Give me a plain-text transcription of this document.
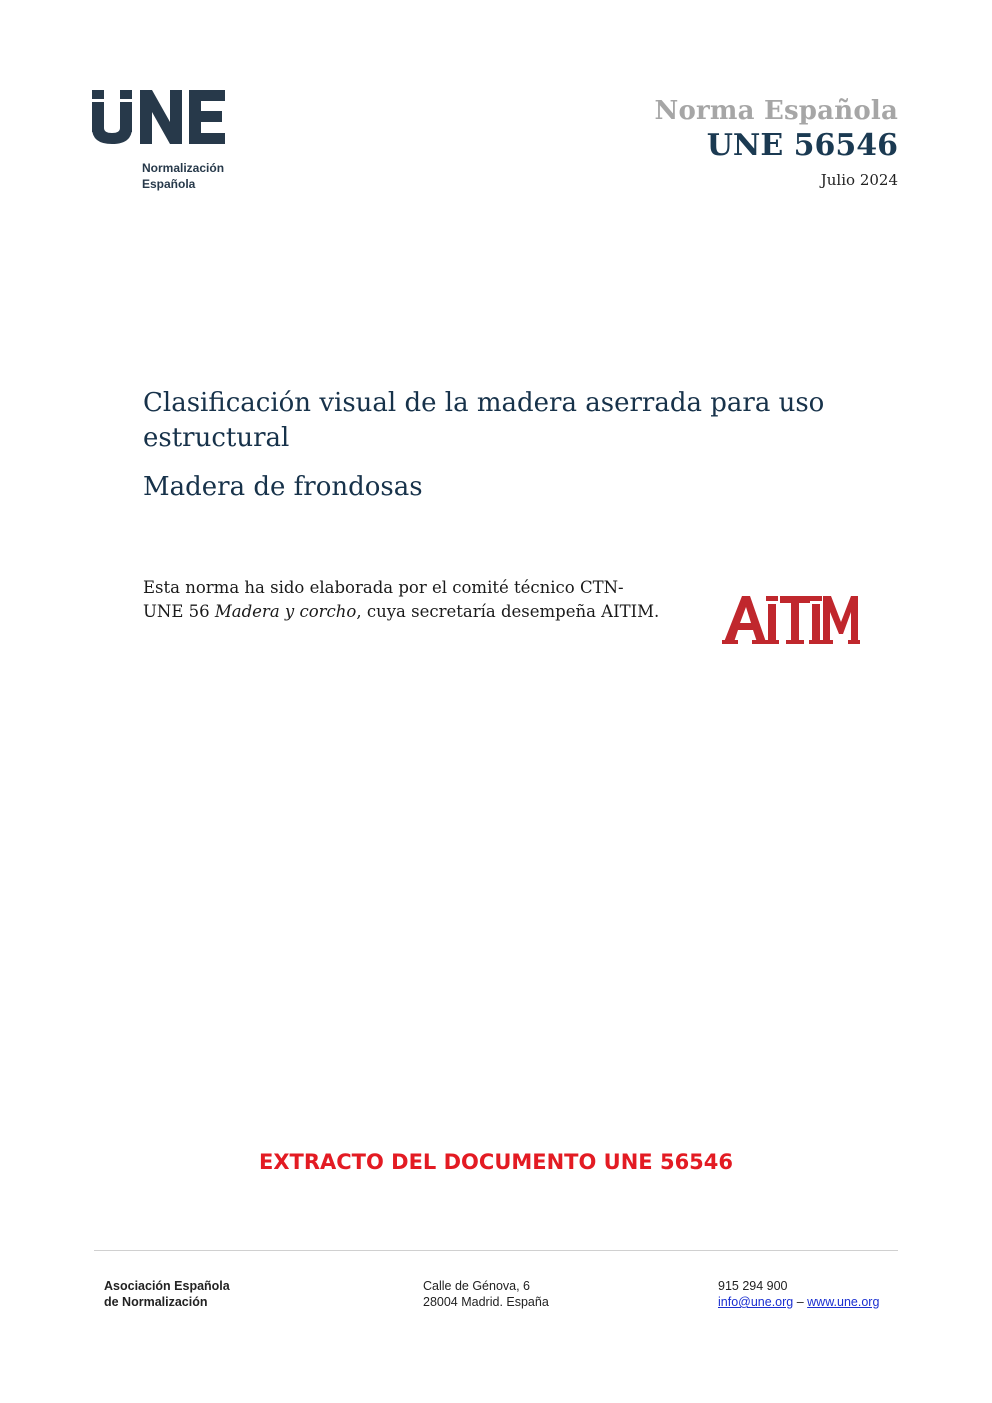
Normalización
Española
Norma Española
UNE 56546
Julio 2024
Clasificación visual de la madera aserrada para uso estructural
Madera de frondosas
Esta norma ha sido elaborada por el comité técnico CTN-UNE 56 Madera y corcho, cuya secretaría desempeña AITIM.
EXTRACTO DEL DOCUMENTO UNE 56546
Asociación Española
de Normalización
Calle de Génova, 6
28004 Madrid. España
915 294 900
info@une.org – www.une.org
